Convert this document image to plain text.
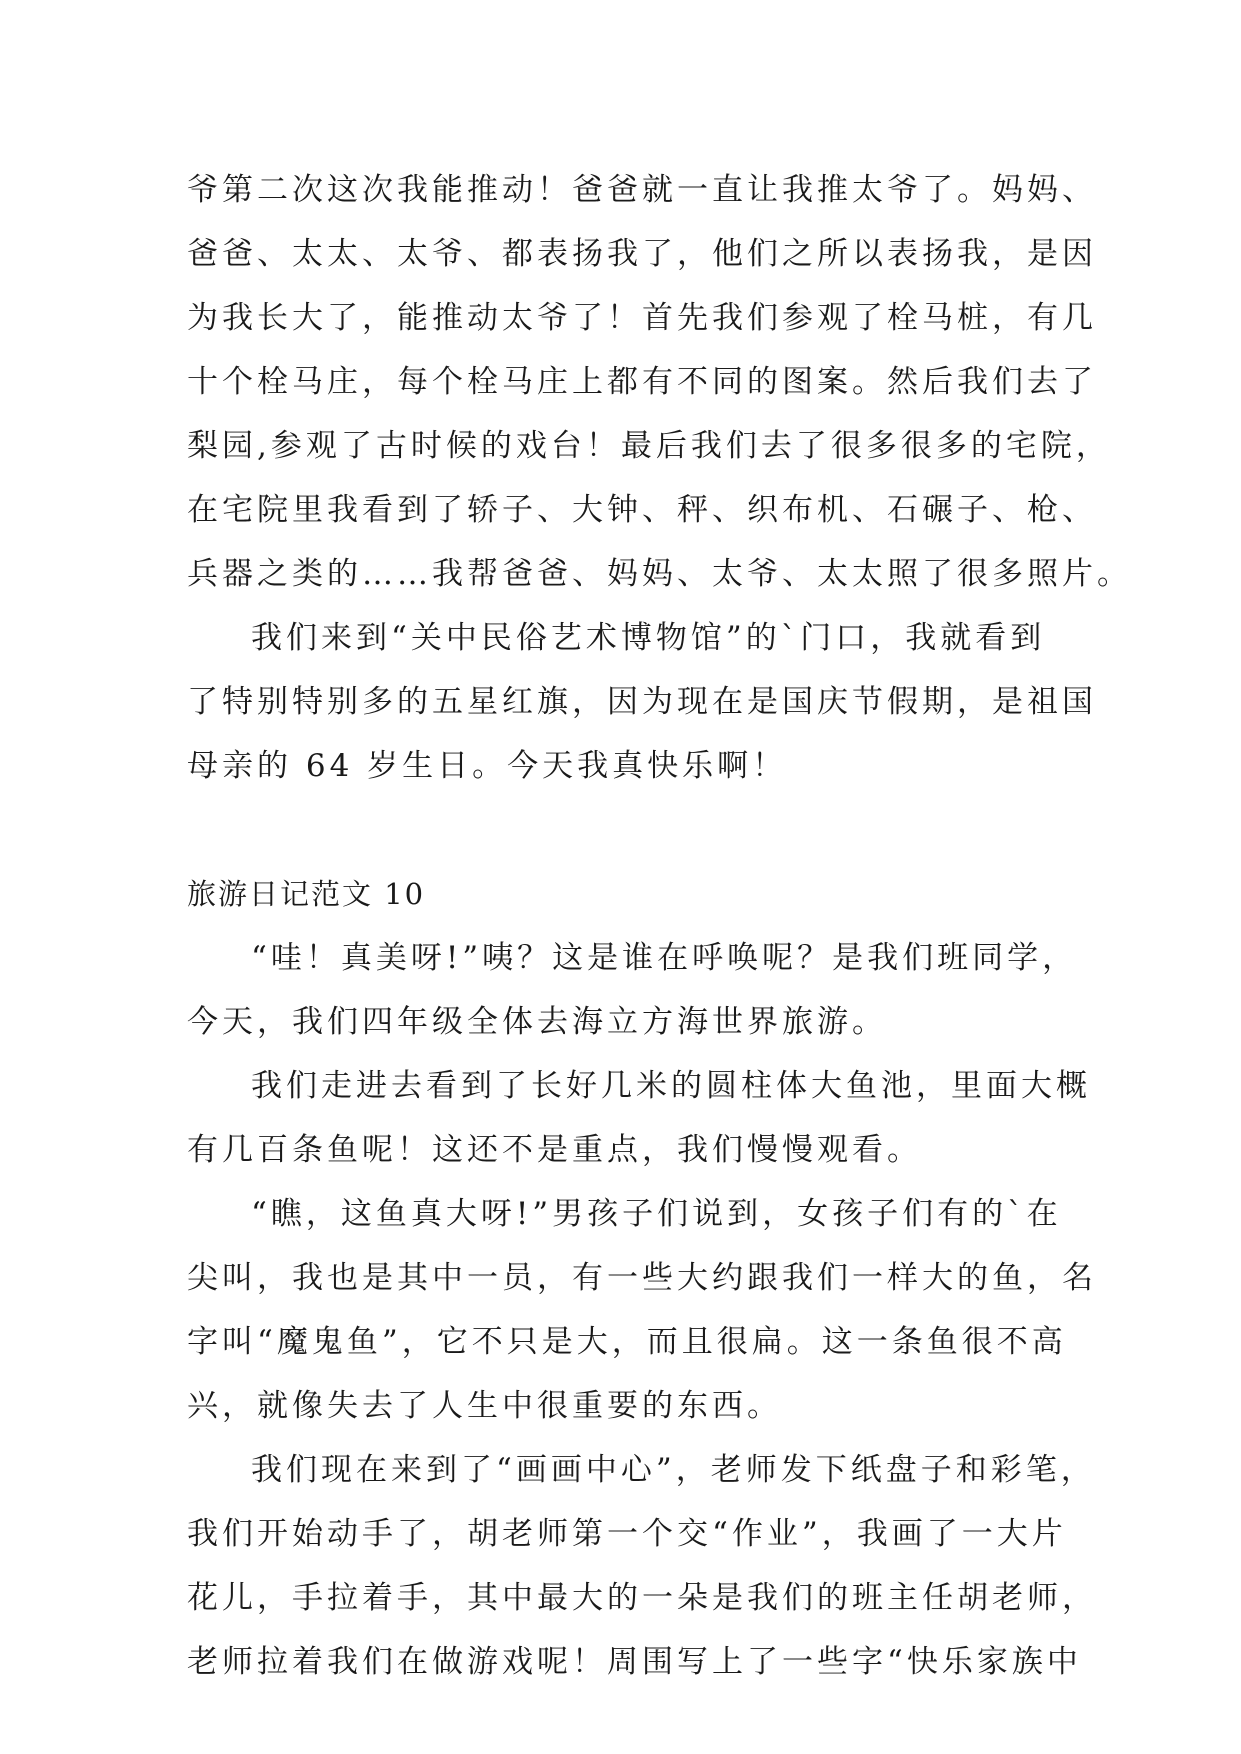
爷第二次这次我能推动！爸爸就一直让我推太爷了。妈妈、
爸爸、太太、太爷、都表扬我了，他们之所以表扬我，是因
为我长大了，能推动太爷了！首先我们参观了栓马桩，有几
十个栓马庄，每个栓马庄上都有不同的图案。然后我们去了
梨园,参观了古时候的戏台！最后我们去了很多很多的宅院，
在宅院里我看到了轿子、大钟、秤、织布机、石碾子、枪、
兵器之类的……我帮爸爸、妈妈、太爷、太太照了很多照片。
我们来到“关中民俗艺术博物馆”的`门口，我就看到
了特别特别多的五星红旗，因为现在是国庆节假期，是祖国
母亲的 64 岁生日。今天我真快乐啊！
旅游日记范文 10
“哇！真美呀!”咦？这是谁在呼唤呢？是我们班同学，
今天，我们四年级全体去海立方海世界旅游。
我们走进去看到了长好几米的圆柱体大鱼池，里面大概
有几百条鱼呢！这还不是重点，我们慢慢观看。
“瞧，这鱼真大呀!”男孩子们说到，女孩子们有的`在
尖叫，我也是其中一员，有一些大约跟我们一样大的鱼，名
字叫“魔鬼鱼”，它不只是大，而且很扁。这一条鱼很不高
兴，就像失去了人生中很重要的东西。
我们现在来到了“画画中心”，老师发下纸盘子和彩笔，
我们开始动手了，胡老师第一个交“作业”，我画了一大片
花儿，手拉着手，其中最大的一朵是我们的班主任胡老师，
老师拉着我们在做游戏呢！周围写上了一些字“快乐家族中
